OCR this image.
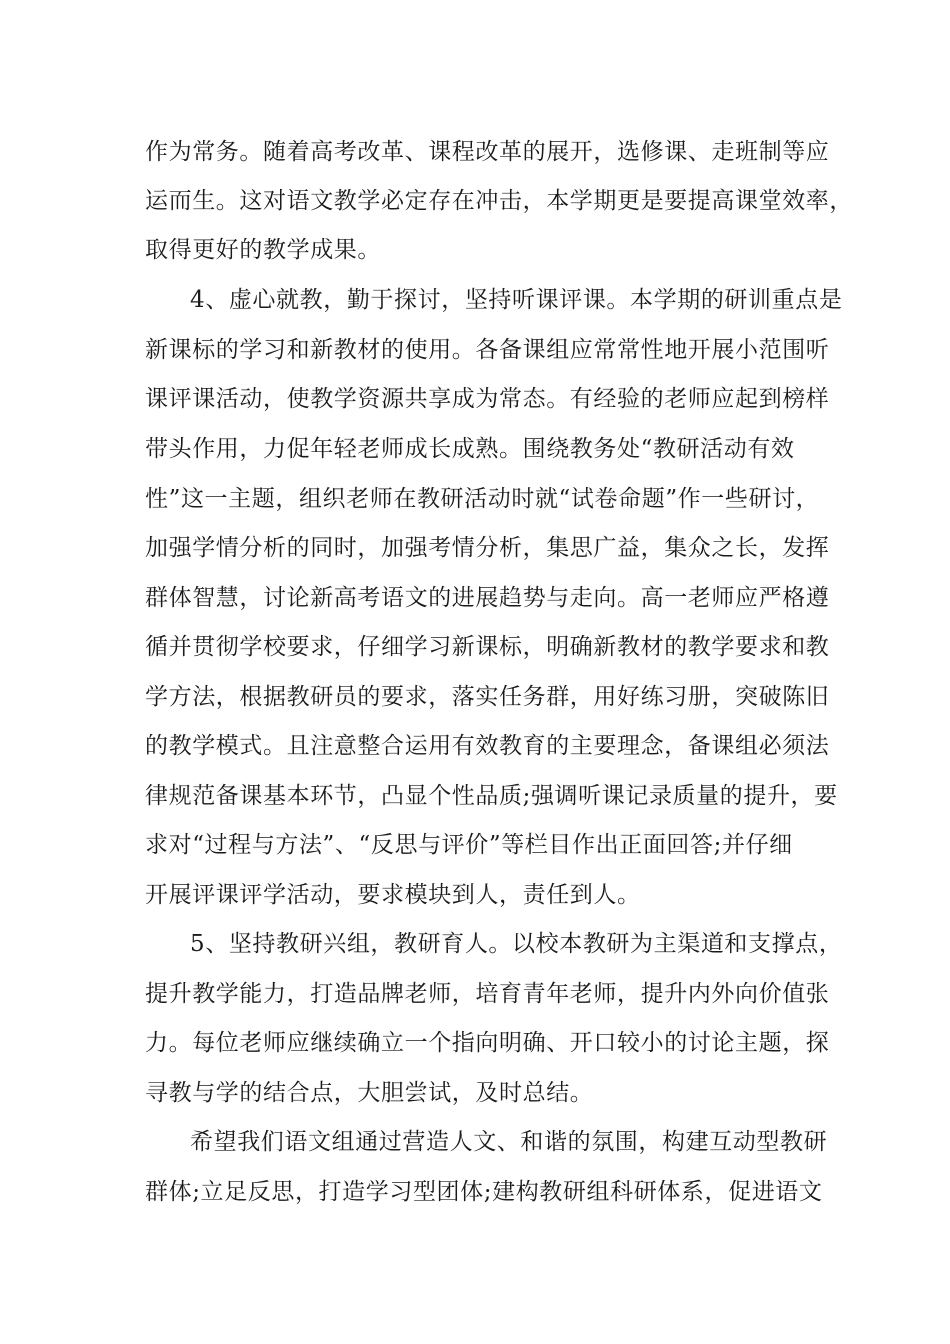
作为常务。随着高考改革、课程改革的展开，选修课、走班制等应

运而生。这对语文教学必定存在冲击，本学期更是要提高课堂效率，

取得更好的教学成果。

4、虚心就教，勤于探讨，坚持听课评课。本学期的研训重点是

新课标的学习和新教材的使用。各备课组应常常性地开展小范围听

课评课活动，使教学资源共享成为常态。有经验的老师应起到榜样

带头作用，力促年轻老师成长成熟。围绕教务处“教研活动有效

性”这一主题，组织老师在教研活动时就“试卷命题”作一些研讨，

加强学情分析的同时，加强考情分析，集思广益，集众之长，发挥

群体智慧，讨论新高考语文的进展趋势与走向。高一老师应严格遵

循并贯彻学校要求，仔细学习新课标，明确新教材的教学要求和教

学方法，根据教研员的要求，落实任务群，用好练习册，突破陈旧

的教学模式。且注意整合运用有效教育的主要理念，备课组必须法

律规范备课基本环节，凸显个性品质;强调听课记录质量的提升，要

求对“过程与方法”、“反思与评价”等栏目作出正面回答;并仔细

开展评课评学活动，要求模块到人，责任到人。

5、坚持教研兴组，教研育人。以校本教研为主渠道和支撑点，

提升教学能力，打造品牌老师，培育青年老师，提升内外向价值张

力。每位老师应继续确立一个指向明确、开口较小的讨论主题，探

寻教与学的结合点，大胆尝试，及时总结。

希望我们语文组通过营造人文、和谐的氛围，构建互动型教研

群体;立足反思，打造学习型团体;建构教研组科研体系，促进语文
